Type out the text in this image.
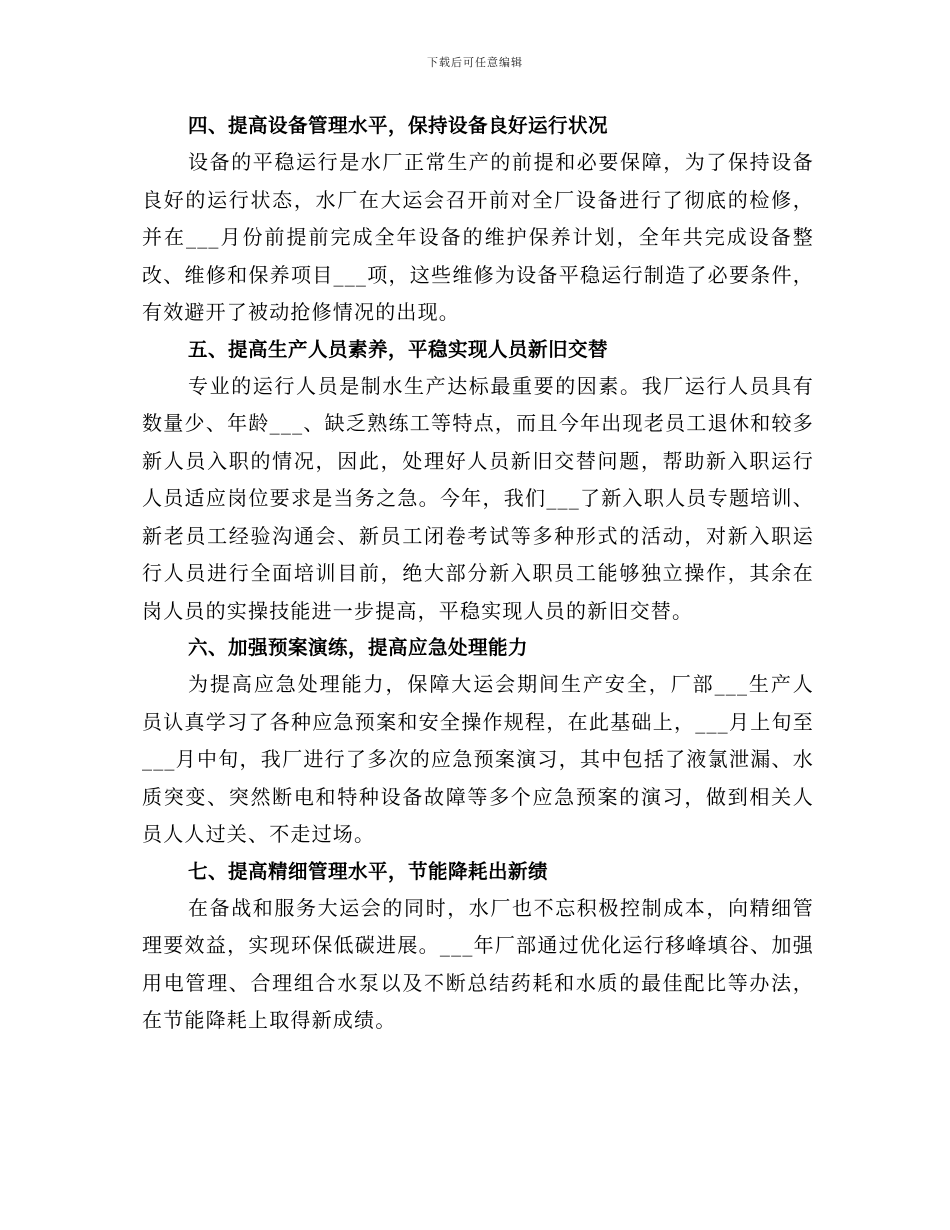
下载后可任意编辑
四、提高设备管理水平，保持设备良好运行状况

设备的平稳运行是水厂正常生产的前提和必要保障，为了保持设备良好的运行状态，水厂在大运会召开前对全厂设备进行了彻底的检修，并在___月份前提前完成全年设备的维护保养计划，全年共完成设备整改、维修和保养项目___项，这些维修为设备平稳运行制造了必要条件，有效避开了被动抢修情况的出现。

五、提高生产人员素养，平稳实现人员新旧交替

专业的运行人员是制水生产达标最重要的因素。我厂运行人员具有数量少、年龄___、缺乏熟练工等特点，而且今年出现老员工退休和较多新人员入职的情况，因此，处理好人员新旧交替问题，帮助新入职运行人员适应岗位要求是当务之急。今年，我们___了新入职人员专题培训、新老员工经验沟通会、新员工闭卷考试等多种形式的活动，对新入职运行人员进行全面培训目前，绝大部分新入职员工能够独立操作，其余在岗人员的实操技能进一步提高，平稳实现人员的新旧交替。

六、加强预案演练，提高应急处理能力

为提高应急处理能力，保障大运会期间生产安全，厂部___生产人员认真学习了各种应急预案和安全操作规程，在此基础上，___月上旬至___月中旬，我厂进行了多次的应急预案演习，其中包括了液氯泄漏、水质突变、突然断电和特种设备故障等多个应急预案的演习，做到相关人员人人过关、不走过场。

七、提高精细管理水平，节能降耗出新绩

在备战和服务大运会的同时，水厂也不忘积极控制成本，向精细管理要效益，实现环保低碳进展。___年厂部通过优化运行移峰填谷、加强用电管理、合理组合水泵以及不断总结药耗和水质的最佳配比等办法，在节能降耗上取得新成绩。
